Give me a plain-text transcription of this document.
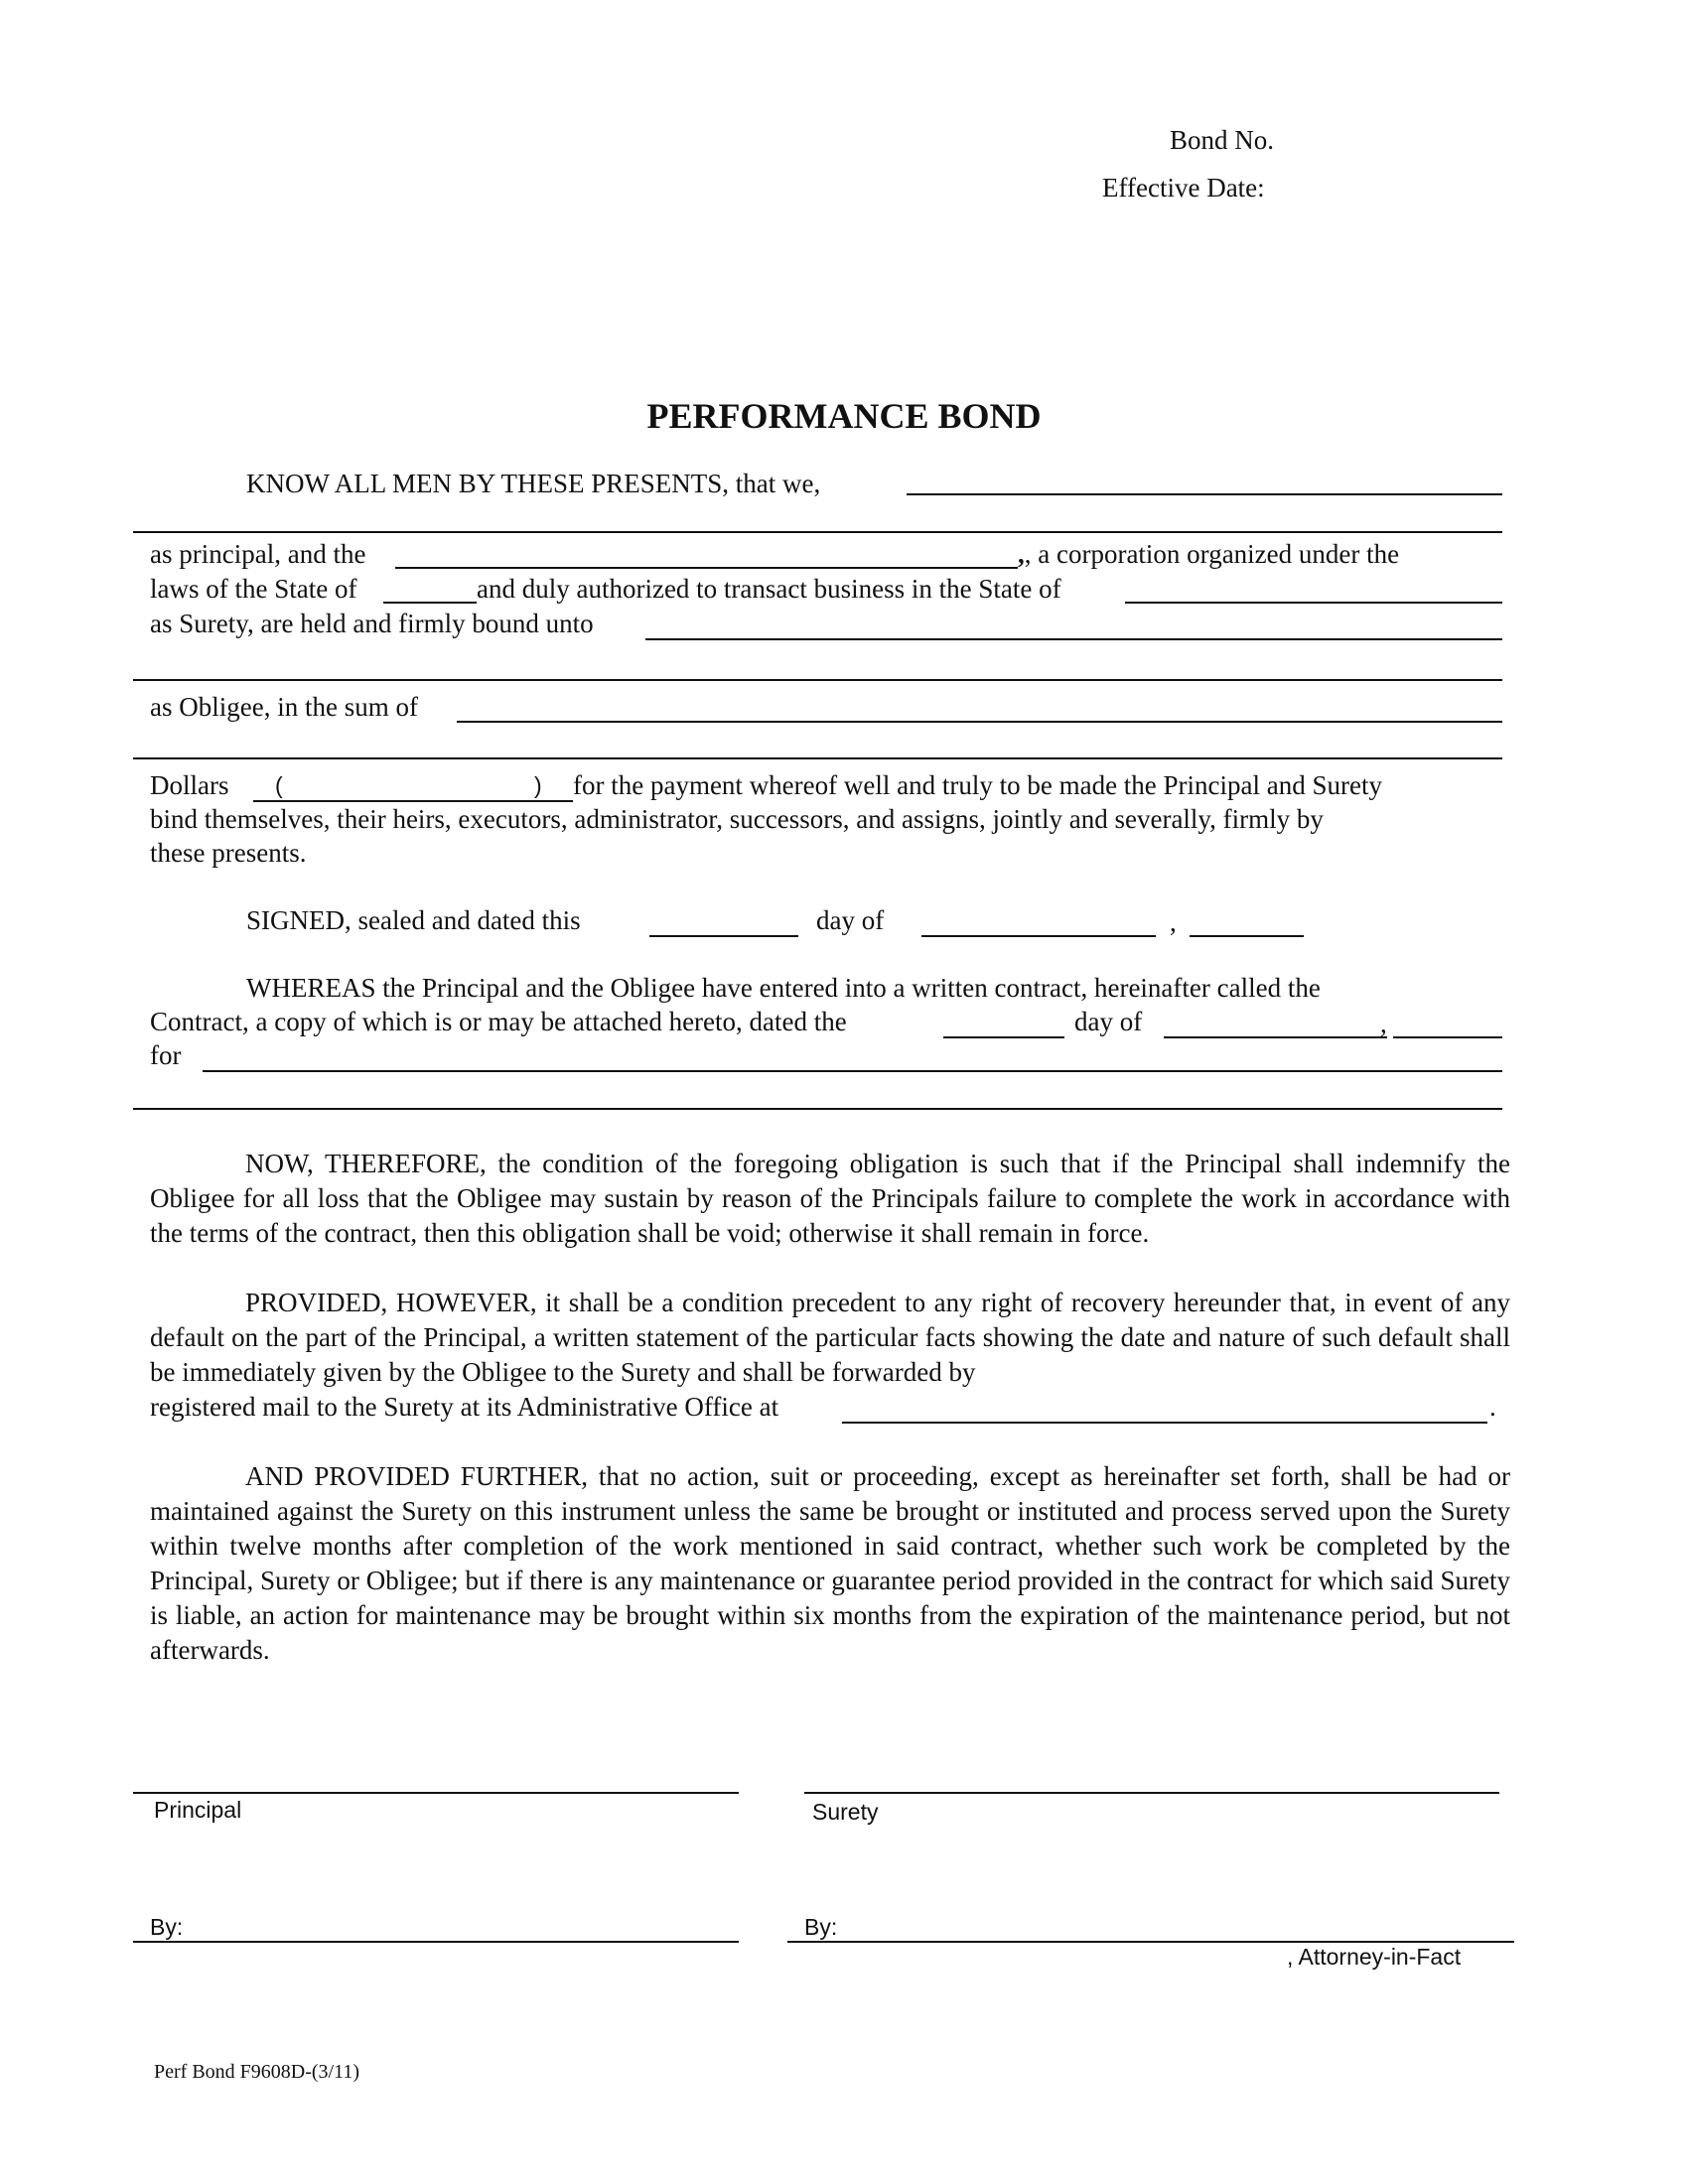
Bond No.
Effective Date:
PERFORMANCE BOND
KNOW ALL MEN BY THESE PRESENTS, that we,
as principal, and the	,, a corporation organized under the
laws of the State of	and duly authorized to transact business in the State of
as Surety, are held and firmly bound unto
as Obligee, in the sum of
Dollars (	) for the payment whereof well and truly to be made the Principal and Surety
bind themselves, their heirs, executors, administrator, successors, and assigns, jointly and severally, firmly by
these presents.
SIGNED, sealed and dated this	day of	,
WHEREAS the Principal and the Obligee have entered into a written contract, hereinafter called the
Contract, a copy of which is or may be attached hereto, dated the	day of	,
for
NOW, THEREFORE, the condition of the foregoing obligation is such that if the Principal shall indemnify the Obligee for all loss that the Obligee may sustain by reason of the Principals failure to complete the work in accordance with the terms of the contract, then this obligation shall be void; otherwise it shall remain in force.
PROVIDED, HOWEVER, it shall be a condition precedent to any right of recovery hereunder that, in event of any default on the part of the Principal, a written statement of the particular facts showing the date and nature of such default shall be immediately given by the Obligee to the Surety and shall be forwarded by
registered mail to the Surety at its Administrative Office at	.
AND PROVIDED FURTHER, that no action, suit or proceeding, except as hereinafter set forth, shall be had or maintained against the Surety on this instrument unless the same be brought or instituted and process served upon the Surety within twelve months after completion of the work mentioned in said contract, whether such work be completed by the Principal, Surety or Obligee; but if there is any maintenance or guarantee period provided in the contract for which said Surety is liable, an action for maintenance may be brought within six months from the expiration of the maintenance period, but not afterwards.
Principal	Surety
By:	By:
, Attorney-in-Fact
Perf Bond F9608D-(3/11)
